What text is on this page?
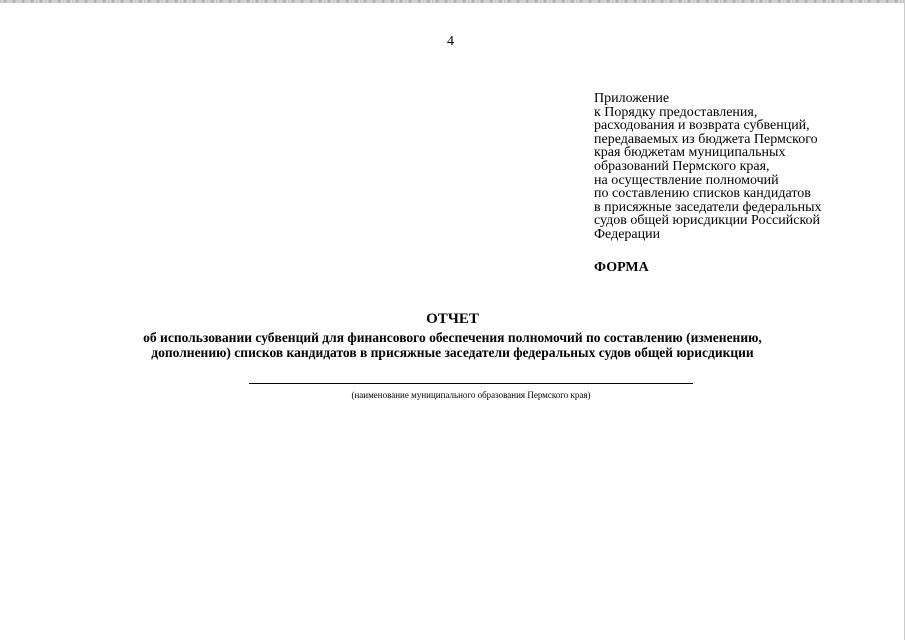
4
Приложение
к Порядку предоставления,
расходования и возврата субвенций,
передаваемых из бюджета Пермского
края бюджетам муниципальных
образований Пермского края,
на осуществление полномочий
по составлению списков кандидатов
в присяжные заседатели федеральных
судов общей юрисдикции Российской
Федерации
ФОРМА
ОТЧЕТ
об использовании субвенций для финансового обеспечения полномочий по составлению (изменению,
дополнению) списков кандидатов в присяжные заседатели федеральных судов общей юрисдикции
(наименование муниципального образования Пермского края)
